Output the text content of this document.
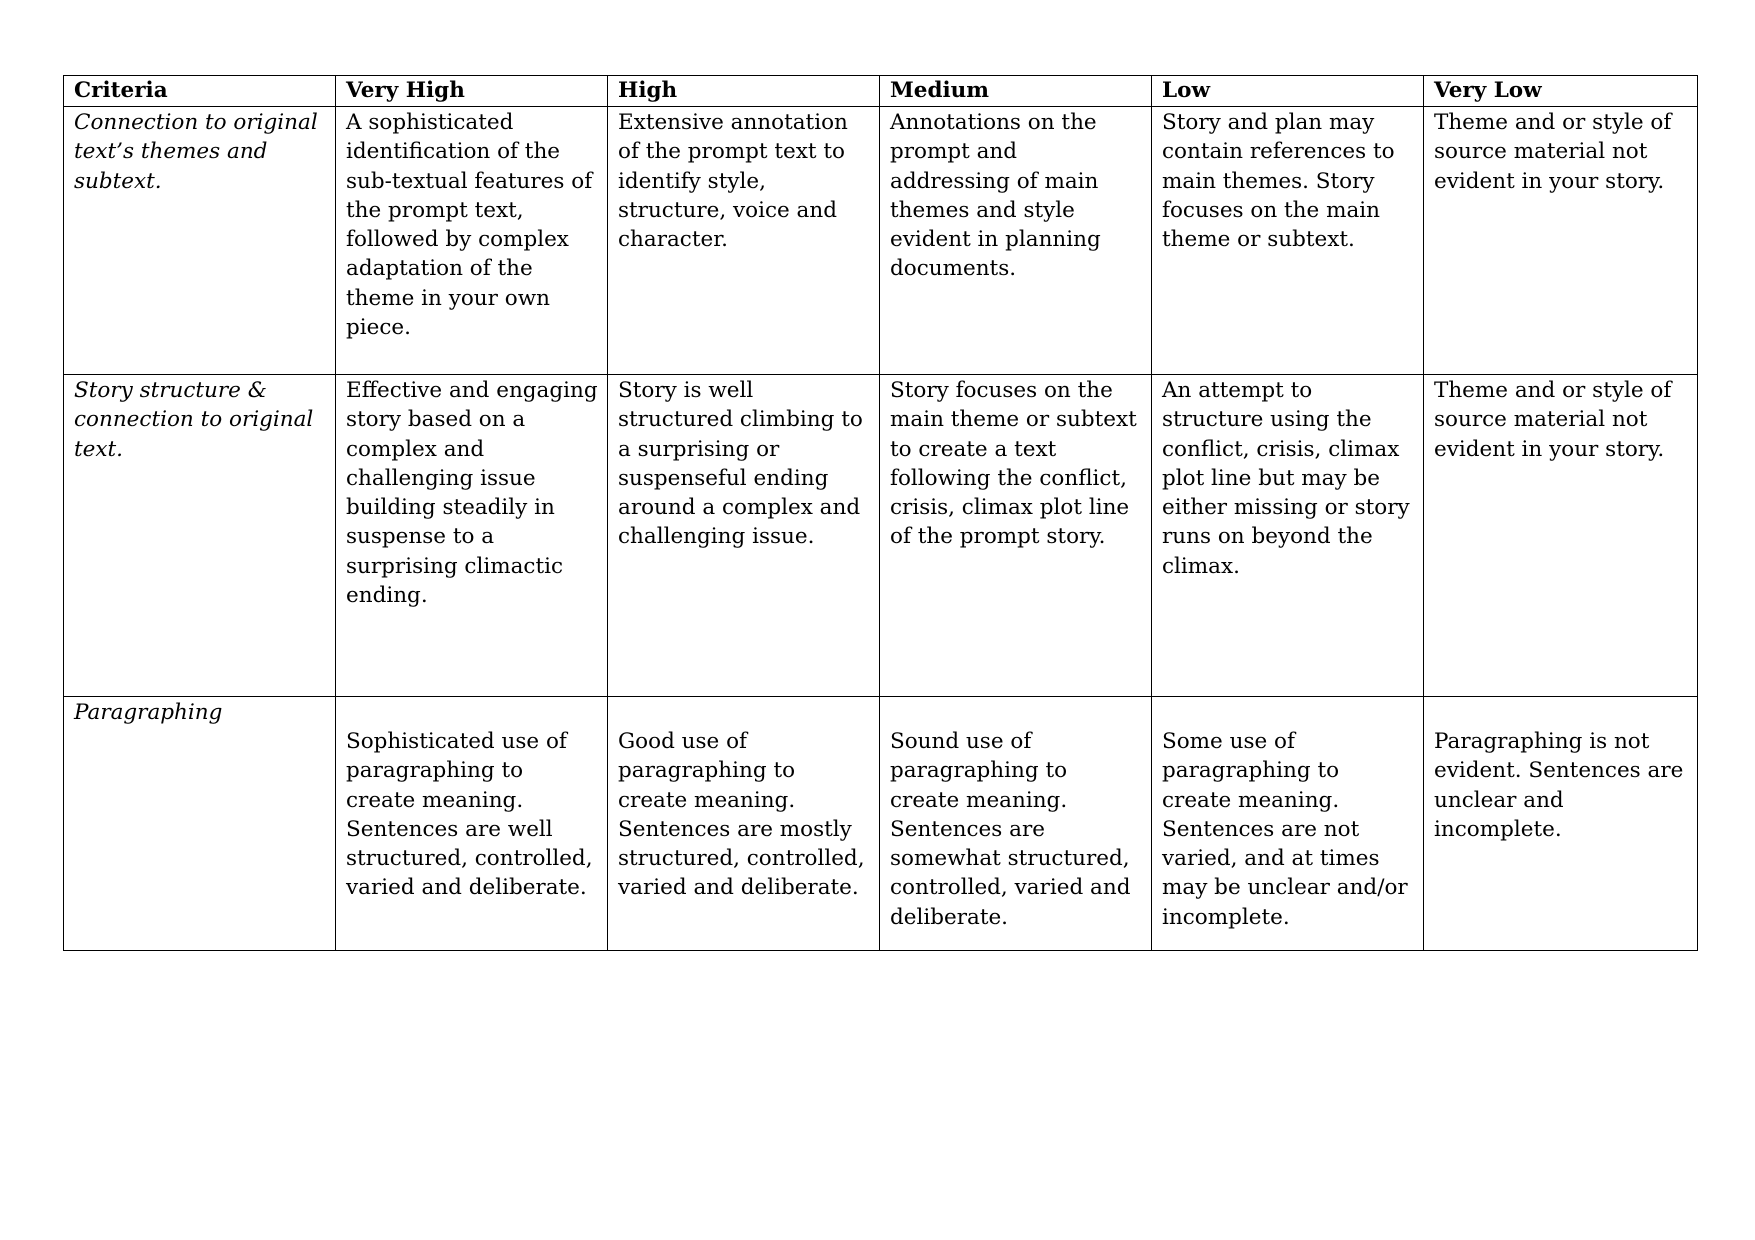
Criteria	Very High	High	Medium	Low	Very Low
Connection to original text’s themes and subtext.	A sophisticated identification of the sub-textual features of the prompt text, followed by complex adaptation of the theme in your own piece.	Extensive annotation of the prompt text to identify style, structure, voice and character.	Annotations on the prompt and addressing of main themes and style evident in planning documents.	Story and plan may contain references to main themes. Story focuses on the main theme or subtext.	Theme and or style of source material not evident in your story.
Story structure & connection to original text.	Effective and engaging story based on a complex and challenging issue building steadily in suspense to a surprising climactic ending.	Story is well structured climbing to a surprising or suspenseful ending around a complex and challenging issue.	Story focuses on the main theme or subtext to create a text following the conflict, crisis, climax plot line of the prompt story.	An attempt to structure using the conflict, crisis, climax plot line but may be either missing or story runs on beyond the climax.	Theme and or style of source material not evident in your story.
Paragraphing	Sophisticated use of paragraphing to create meaning. Sentences are well structured, controlled, varied and deliberate.	Good use of paragraphing to create meaning. Sentences are mostly structured, controlled, varied and deliberate.	Sound use of paragraphing to create meaning. Sentences are somewhat structured, controlled, varied and deliberate.	Some use of paragraphing to create meaning. Sentences are not varied, and at times may be unclear and/or incomplete.	Paragraphing is not evident. Sentences are unclear and incomplete.
